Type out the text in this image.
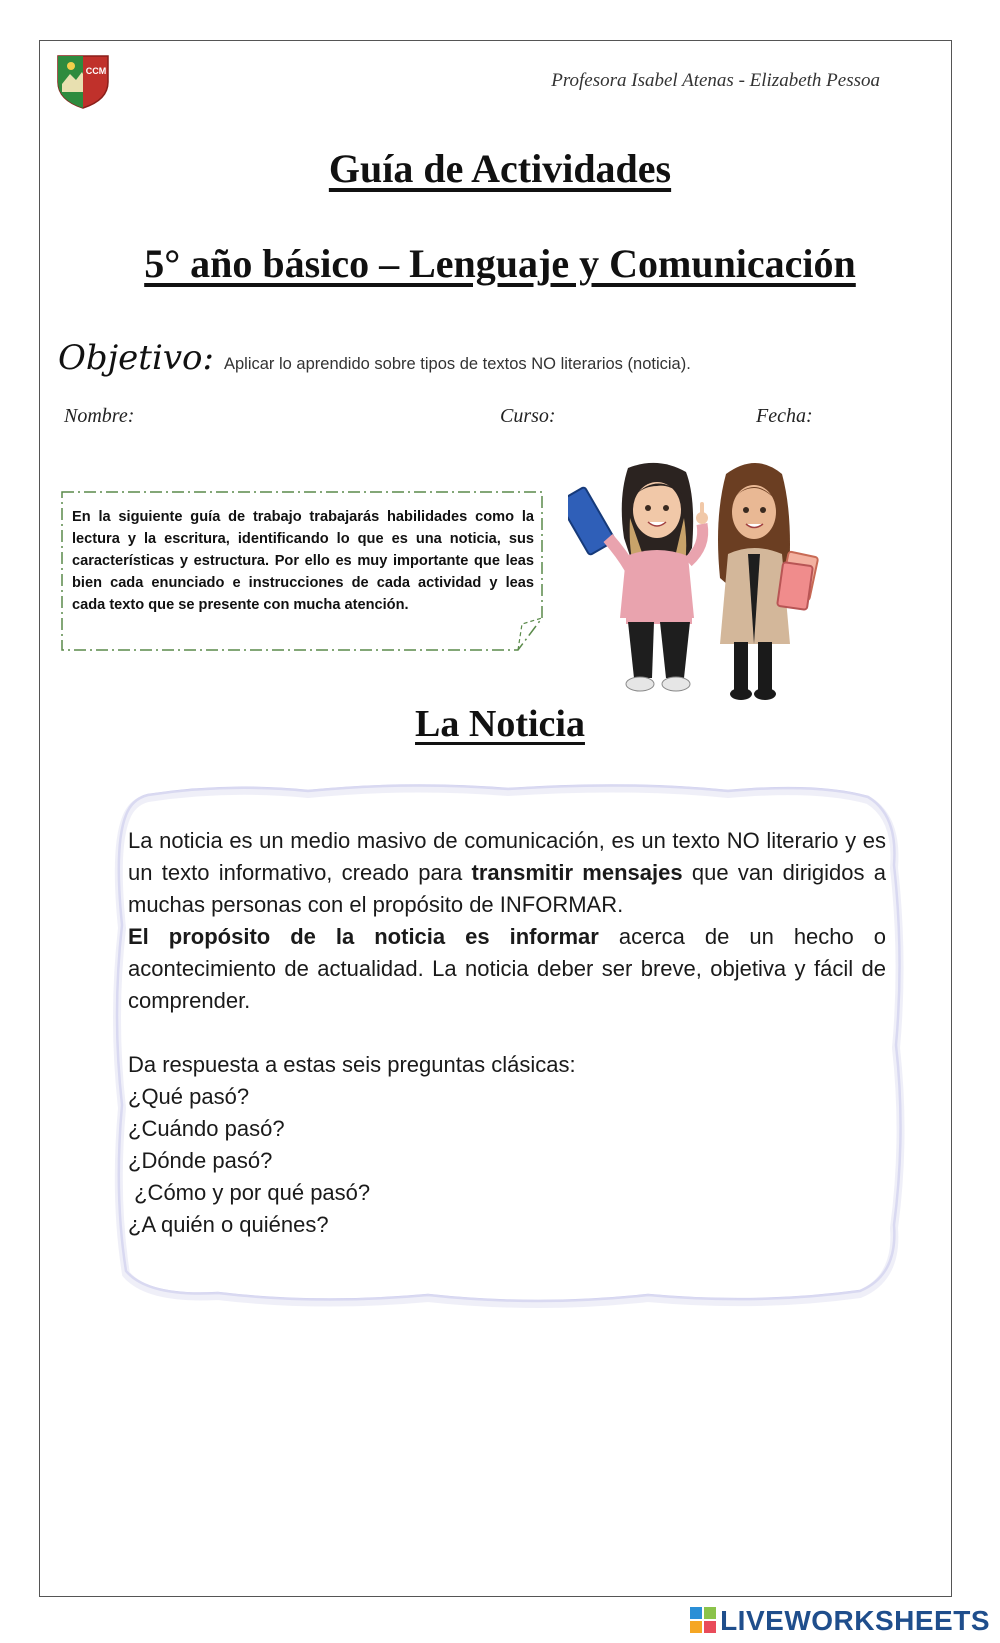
CCM	Profesora Isabel Atenas - Elizabeth Pessoa
Guía de Actividades
5° año básico – Lenguaje y Comunicación
Objetivo: Aplicar lo aprendido sobre tipos de textos NO literarios (noticia).
Nombre:	Curso:	Fecha:
En la siguiente guía de trabajo trabajarás habilidades como la lectura y la escritura, identificando lo que es una noticia, sus características y estructura. Por ello es muy importante que leas bien cada enunciado e instrucciones de cada actividad y leas cada texto que se presente con mucha atención.
La Noticia

La noticia es un medio masivo de comunicación, es un texto NO literario y es un texto informativo, creado para transmitir mensajes que van dirigidos a muchas personas con el propósito de INFORMAR.

El propósito de la noticia es informar acerca de un hecho o acontecimiento de actualidad. La noticia deber ser breve, objetiva y fácil de comprender.

Da respuesta a estas seis preguntas clásicas:

¿Qué pasó?

¿Cuándo pasó?

¿Dónde pasó?

¿Cómo y por qué pasó?

¿A quién o quiénes?

LIVEWORKSHEETS
